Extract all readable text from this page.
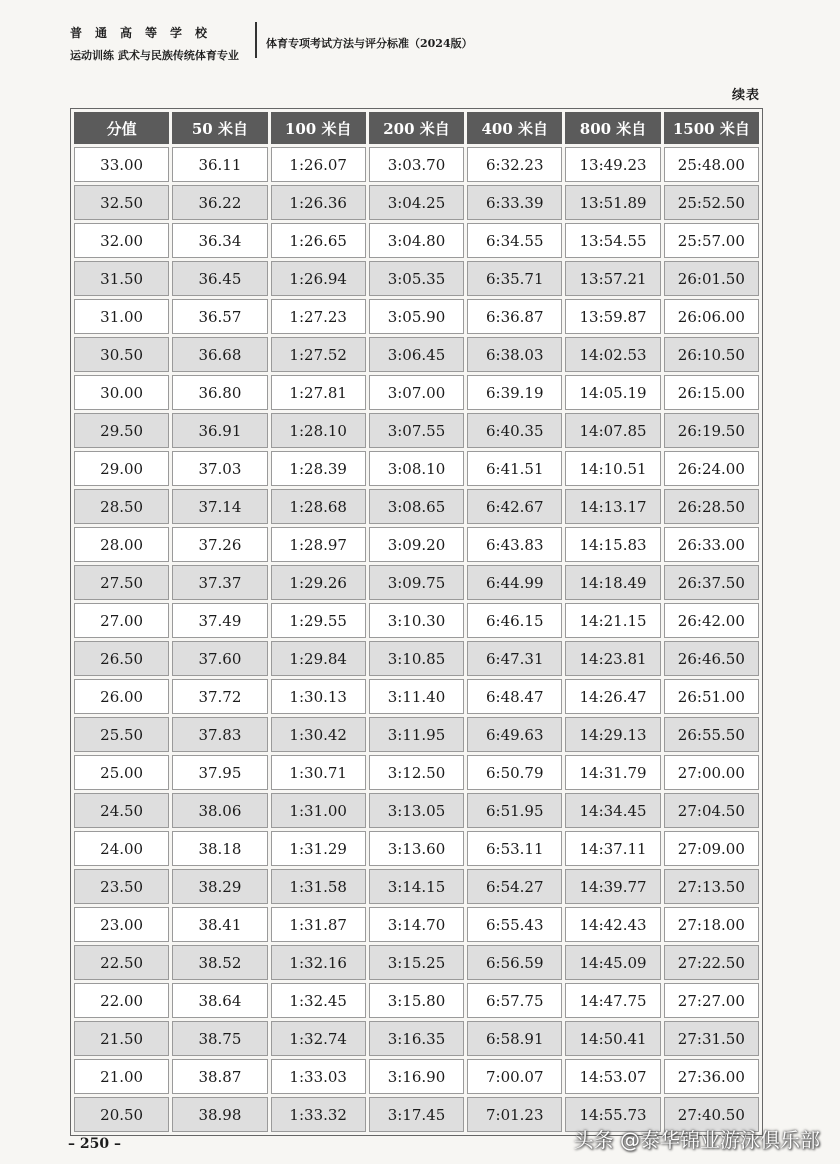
普通高等学校
运动训练 武术与民族传统体育专业
体育专项考试方法与评分标准（2024版）
续表
分值	50 米自	100 米自	200 米自	400 米自	800 米自	1500 米自
33.00	36.11	1:26.07	3:03.70	6:32.23	13:49.23	25:48.00
32.50	36.22	1:26.36	3:04.25	6:33.39	13:51.89	25:52.50
32.00	36.34	1:26.65	3:04.80	6:34.55	13:54.55	25:57.00
31.50	36.45	1:26.94	3:05.35	6:35.71	13:57.21	26:01.50
31.00	36.57	1:27.23	3:05.90	6:36.87	13:59.87	26:06.00
30.50	36.68	1:27.52	3:06.45	6:38.03	14:02.53	26:10.50
30.00	36.80	1:27.81	3:07.00	6:39.19	14:05.19	26:15.00
29.50	36.91	1:28.10	3:07.55	6:40.35	14:07.85	26:19.50
29.00	37.03	1:28.39	3:08.10	6:41.51	14:10.51	26:24.00
28.50	37.14	1:28.68	3:08.65	6:42.67	14:13.17	26:28.50
28.00	37.26	1:28.97	3:09.20	6:43.83	14:15.83	26:33.00
27.50	37.37	1:29.26	3:09.75	6:44.99	14:18.49	26:37.50
27.00	37.49	1:29.55	3:10.30	6:46.15	14:21.15	26:42.00
26.50	37.60	1:29.84	3:10.85	6:47.31	14:23.81	26:46.50
26.00	37.72	1:30.13	3:11.40	6:48.47	14:26.47	26:51.00
25.50	37.83	1:30.42	3:11.95	6:49.63	14:29.13	26:55.50
25.00	37.95	1:30.71	3:12.50	6:50.79	14:31.79	27:00.00
24.50	38.06	1:31.00	3:13.05	6:51.95	14:34.45	27:04.50
24.00	38.18	1:31.29	3:13.60	6:53.11	14:37.11	27:09.00
23.50	38.29	1:31.58	3:14.15	6:54.27	14:39.77	27:13.50
23.00	38.41	1:31.87	3:14.70	6:55.43	14:42.43	27:18.00
22.50	38.52	1:32.16	3:15.25	6:56.59	14:45.09	27:22.50
22.00	38.64	1:32.45	3:15.80	6:57.75	14:47.75	27:27.00
21.50	38.75	1:32.74	3:16.35	6:58.91	14:50.41	27:31.50
21.00	38.87	1:33.03	3:16.90	7:00.07	14:53.07	27:36.00
20.50	38.98	1:33.32	3:17.45	7:01.23	14:55.73	27:40.50
– 250 –	头条 @泰华锦业游泳俱乐部
